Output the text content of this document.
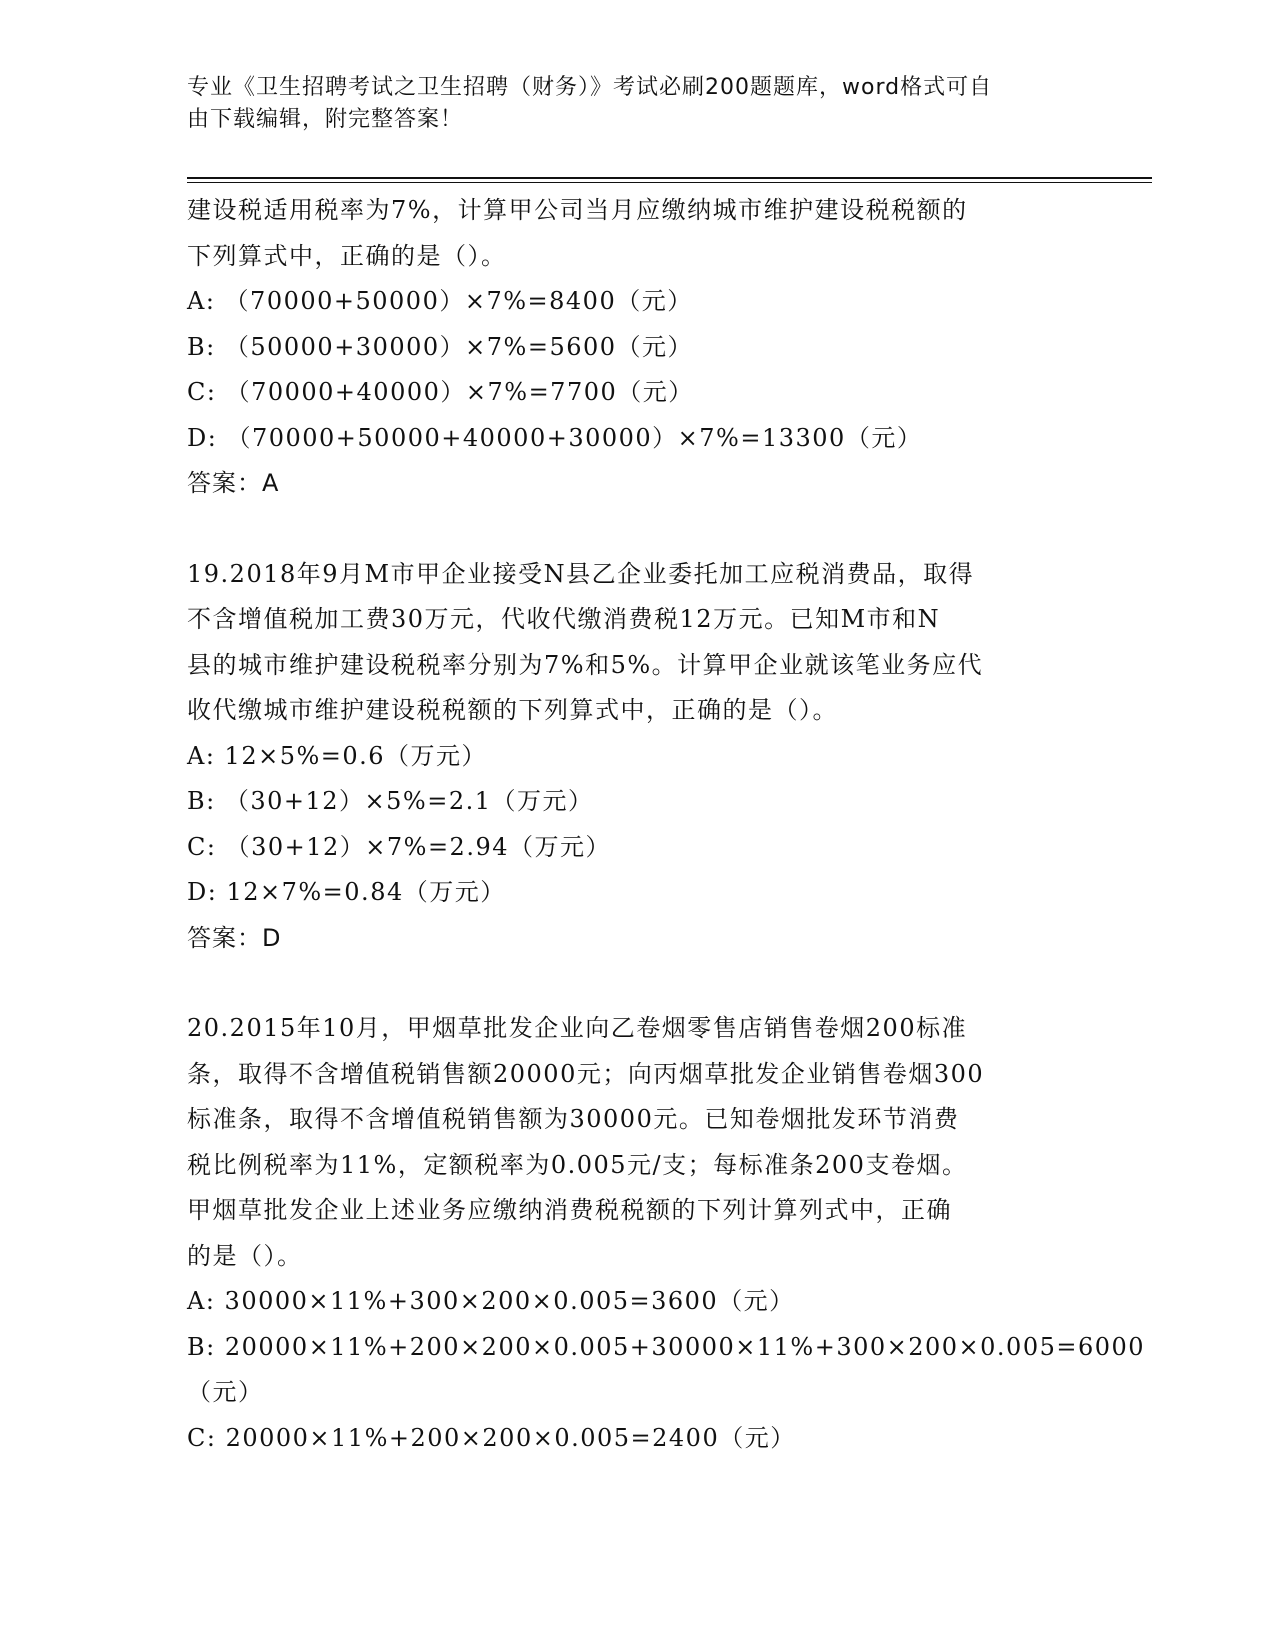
专业《卫生招聘考试之卫生招聘（财务）》考试必刷200题题库，word格式可自
由下载编辑，附完整答案！
建设税适用税率为7%，计算甲公司当月应缴纳城市维护建设税税额的
下列算式中，正确的是（）。
A: （70000+50000）×7%=8400（元）
B: （50000+30000）×7%=5600（元）
C: （70000+40000）×7%=7700（元）
D: （70000+50000+40000+30000）×7%=13300（元）
答案：A
19.2018年9月M市甲企业接受N县乙企业委托加工应税消费品，取得
不含增值税加工费30万元，代收代缴消费税12万元。已知M市和N
县的城市维护建设税税率分别为7%和5%。计算甲企业就该笔业务应代
收代缴城市维护建设税税额的下列算式中，正确的是（）。
A: 12×5%=0.6（万元）
B: （30+12）×5%=2.1（万元）
C: （30+12）×7%=2.94（万元）
D: 12×7%=0.84（万元）
答案：D
20.2015年10月，甲烟草批发企业向乙卷烟零售店销售卷烟200标准
条，取得不含增值税销售额20000元；向丙烟草批发企业销售卷烟300
标准条，取得不含增值税销售额为30000元。已知卷烟批发环节消费
税比例税率为11%，定额税率为0.005元/支；每标准条200支卷烟。
甲烟草批发企业上述业务应缴纳消费税税额的下列计算列式中，正确
的是（）。
A: 30000×11%+300×200×0.005=3600（元）
B: 20000×11%+200×200×0.005+30000×11%+300×200×0.005=6000
（元）
C: 20000×11%+200×200×0.005=2400（元）
